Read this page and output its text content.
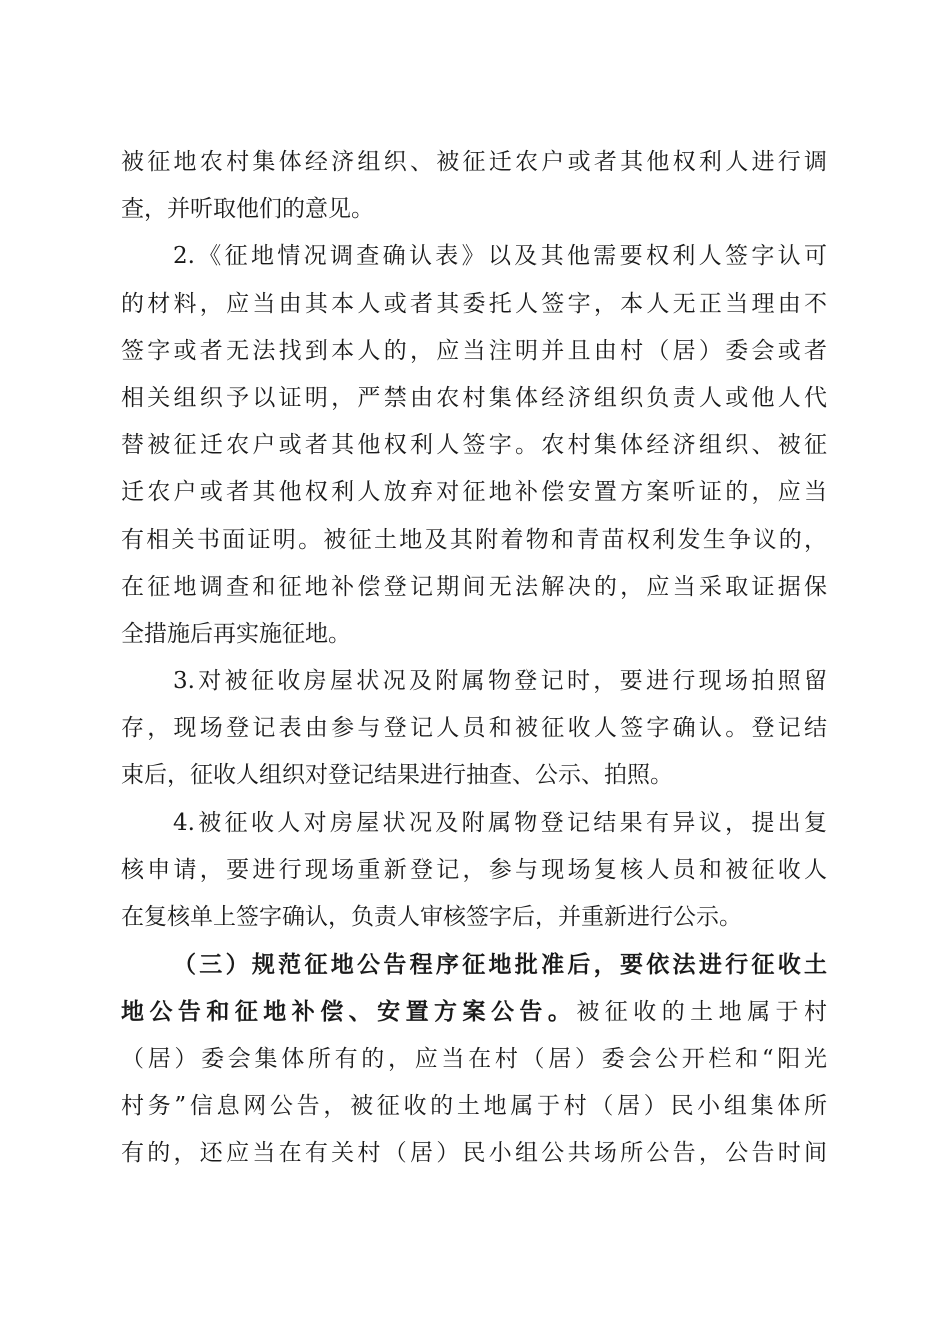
被征地农村集体经济组织、被征迁农户或者其他权利人进行调
查，并听取他们的意见。
2.《征地情况调查确认表》以及其他需要权利人签字认可
的材料，应当由其本人或者其委托人签字，本人无正当理由不
签字或者无法找到本人的，应当注明并且由村（居）委会或者
相关组织予以证明，严禁由农村集体经济组织负责人或他人代
替被征迁农户或者其他权利人签字。农村集体经济组织、被征
迁农户或者其他权利人放弃对征地补偿安置方案听证的，应当
有相关书面证明。被征土地及其附着物和青苗权利发生争议的，
在征地调查和征地补偿登记期间无法解决的，应当采取证据保
全措施后再实施征地。
3.对被征收房屋状况及附属物登记时，要进行现场拍照留
存，现场登记表由参与登记人员和被征收人签字确认。登记结
束后，征收人组织对登记结果进行抽查、公示、拍照。
4.被征收人对房屋状况及附属物登记结果有异议，提出复
核申请，要进行现场重新登记，参与现场复核人员和被征收人
在复核单上签字确认，负责人审核签字后，并重新进行公示。
（三）规范征地公告程序征地批准后，要依法进行征收土
地公告和征地补偿、安置方案公告。被征收的土地属于村
（居）委会集体所有的，应当在村（居）委会公开栏和“阳光
村务”信息网公告，被征收的土地属于村（居）民小组集体所
有的，还应当在有关村（居）民小组公共场所公告，公告时间
